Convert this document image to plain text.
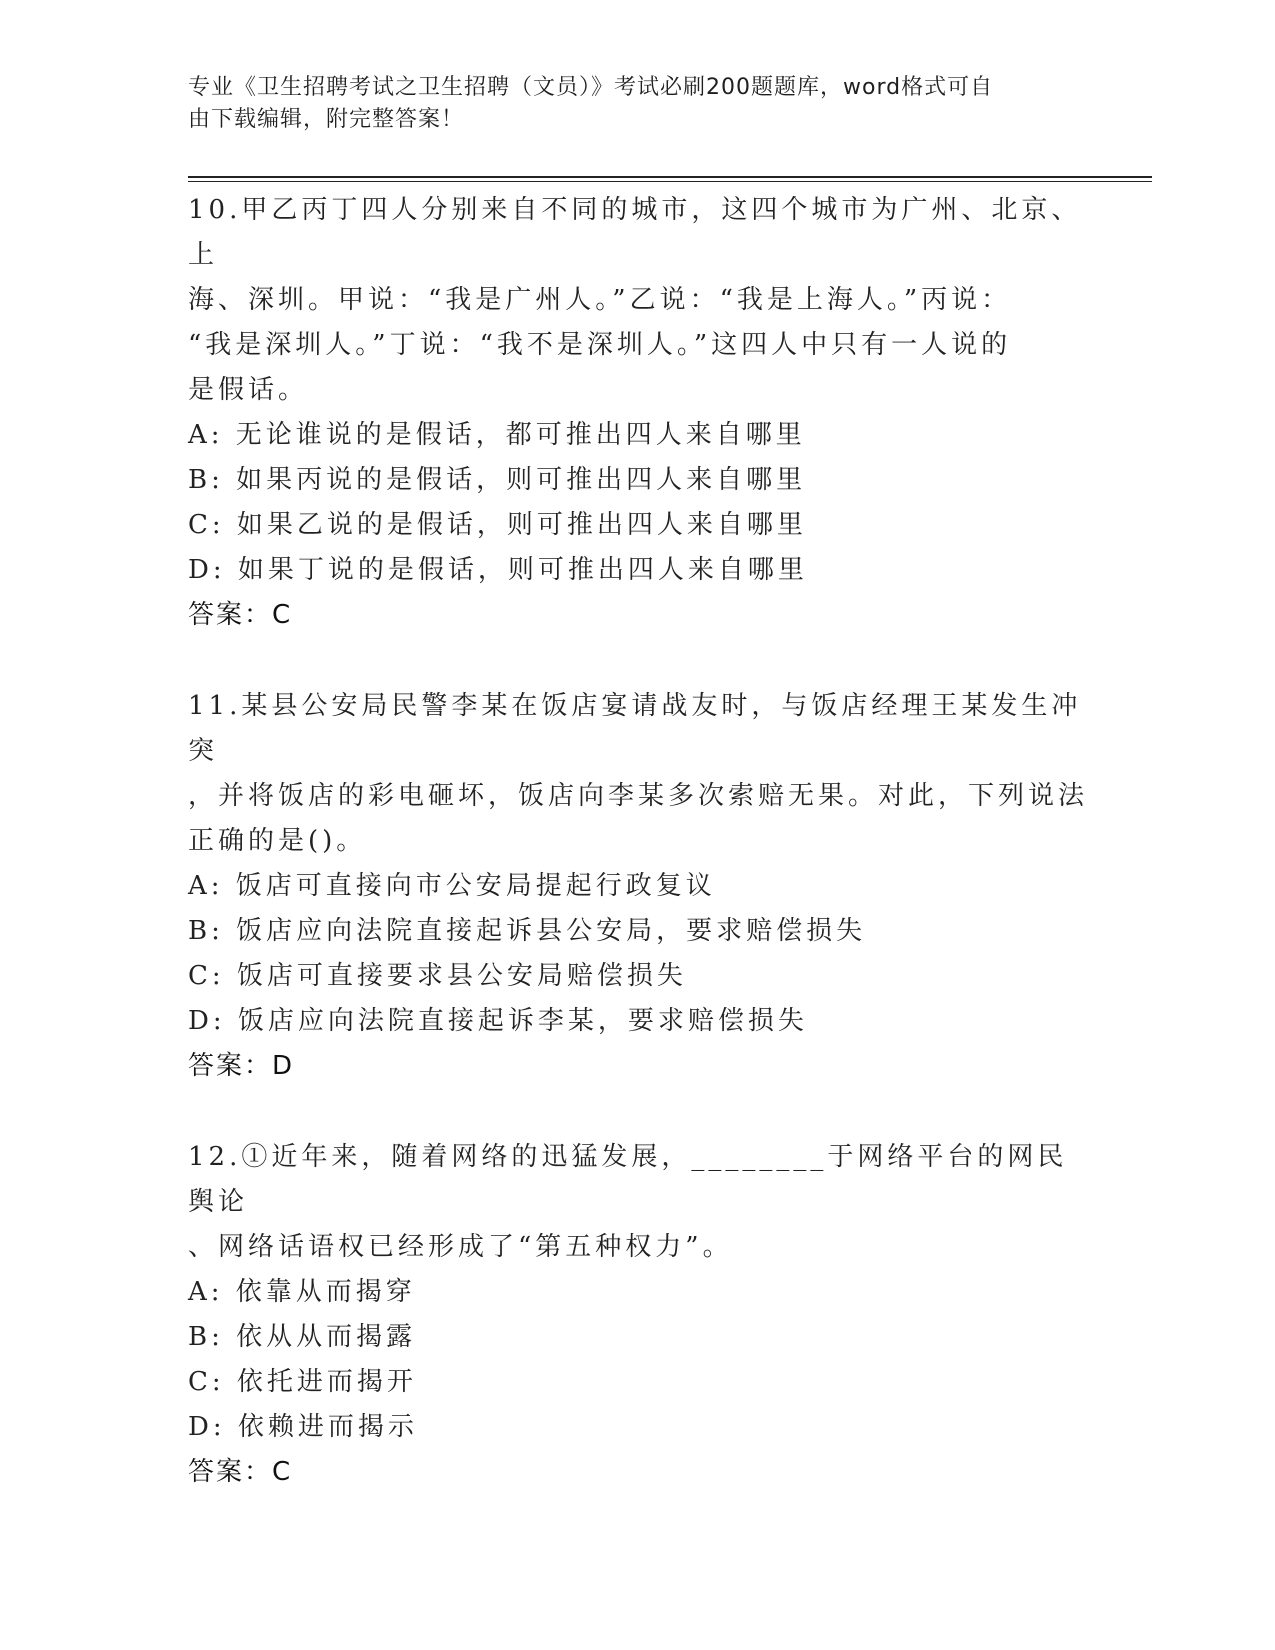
专业《卫生招聘考试之卫生招聘（文员）》考试必刷200题题库，word格式可自
由下载编辑，附完整答案！

10.甲乙丙丁四人分别来自不同的城市，这四个城市为广州、北京、上
海、深圳。甲说：“我是广州人。”乙说：“我是上海人。”丙说：
“我是深圳人。”丁说：“我不是深圳人。”这四人中只有一人说的
是假话。

A: 无论谁说的是假话，都可推出四人来自哪里

B: 如果丙说的是假话，则可推出四人来自哪里

C: 如果乙说的是假话，则可推出四人来自哪里

D: 如果丁说的是假话，则可推出四人来自哪里

答案：C

11.某县公安局民警李某在饭店宴请战友时，与饭店经理王某发生冲突
，并将饭店的彩电砸坏，饭店向李某多次索赔无果。对此，下列说法
正确的是()。

A: 饭店可直接向市公安局提起行政复议

B: 饭店应向法院直接起诉县公安局，要求赔偿损失

C: 饭店可直接要求县公安局赔偿损失

D: 饭店应向法院直接起诉李某，要求赔偿损失

答案：D

12.①近年来，随着网络的迅猛发展，________于网络平台的网民舆论
、网络话语权已经形成了“第五种权力”。

A: 依靠从而揭穿

B: 依从从而揭露

C: 依托进而揭开

D: 依赖进而揭示

答案：C
